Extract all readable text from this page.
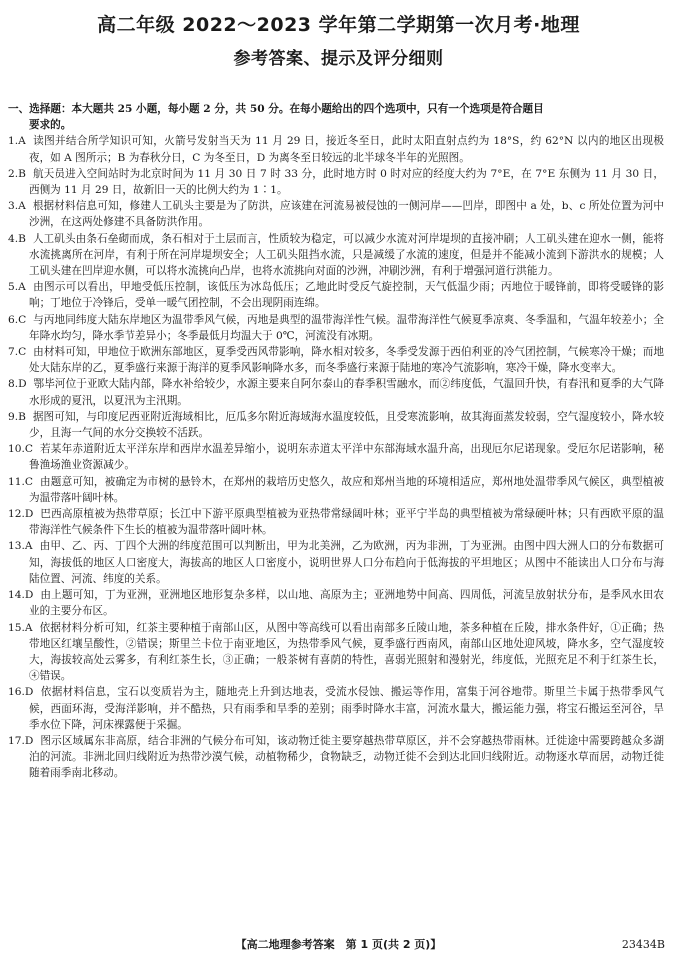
高二年级 2022～2023 学年第二学期第一次月考·地理
参考答案、提示及评分细则

一、选择题：本大题共 25 小题，每小题 2 分，共 50 分。在每小题给出的四个选项中，只有一个选项是符合题目
要求的。

1.A 读图并结合所学知识可知，火箭号发射当天为 11 月 29 日，接近冬至日，此时太阳直射点约为 18°S，约 62°N 以内的地区出现极夜，如 A 图所示；B 为春秋分日，C 为冬至日，D 为离冬至日较远的北半球冬半年的光照图。

2.B 航天员进入空间站时为北京时间为 11 月 30 日 7 时 33 分，此时地方时 0 时对应的经度大约为 7°E，在 7°E 东侧为 11 月 30 日，西侧为 11 月 29 日，故新旧一天的比例大约为 1∶1。

3.A 根据材料信息可知，修建人工矶头主要是为了防洪，应该建在河流易被侵蚀的一侧河岸——凹岸，即图中 a 处，b、c 所处位置为河中沙洲，在这两处修建不具备防洪作用。

4.B 人工矶头由条石垒砌而成，条石相对于土层而言，性质较为稳定，可以减少水流对河岸堤坝的直接冲刷；人工矶头建在迎水一侧，能将水流挑离所在河岸，有利于所在河岸堤坝安全；人工矶头阻挡水流，只是减缓了水流的速度，但是并不能减小流到下游洪水的规模；人工矶头建在凹岸迎水侧，可以将水流挑向凸岸，也将水流挑向对面的沙洲，冲刷沙洲，有利于增强河道行洪能力。

5.A 由图示可以看出，甲地受低压控制，该低压为冰岛低压；乙地此时受反气旋控制，天气低温少雨；丙地位于暖锋前，即将受暖锋的影响；丁地位于冷锋后，受单一暖气团控制，不会出现阴雨连绵。

6.C 与丙地同纬度大陆东岸地区为温带季风气候，丙地是典型的温带海洋性气候。温带海洋性气候夏季凉爽、冬季温和，气温年较差小；全年降水均匀，降水季节差异小；冬季最低月均温大于 0℃，河流没有冰期。

7.C 由材料可知，甲地位于欧洲东部地区，夏季受西风带影响，降水相对较多，冬季受发源于西伯利亚的冷气团控制，气候寒冷干燥；而地处大陆东岸的乙，夏季盛行来源于海洋的夏季风影响降水多，而冬季盛行来源于陆地的寒冷气流影响，寒冷干燥，降水变率大。

8.D 鄂毕河位于亚欧大陆内部，降水补给较少，水源主要来自阿尔泰山的春季积雪融水，而②纬度低，气温回升快，有春汛和夏季的大气降水形成的夏汛，以夏汛为主汛期。

9.B 据图可知，与印度尼西亚附近海域相比，厄瓜多尔附近海域海水温度较低，且受寒流影响，故其海面蒸发较弱，空气湿度较小，降水较少，且海一气间的水分交换较不活跃。

10.C 若某年赤道附近太平洋东岸和西岸水温差异缩小，说明东赤道太平洋中东部海域水温升高，出现厄尔尼诺现象。受厄尔尼诺影响，秘鲁渔场渔业资源减少。

11.C 由题意可知，被确定为市树的悬铃木，在郑州的栽培历史悠久，故应和郑州当地的环境相适应，郑州地处温带季风气候区，典型植被为温带落叶阔叶林。

12.D 巴西高原植被为热带草原；长江中下游平原典型植被为亚热带常绿阔叶林；亚平宁半岛的典型植被为常绿硬叶林；只有西欧平原的温带海洋性气候条件下生长的植被为温带落叶阔叶林。

13.A 由甲、乙、丙、丁四个大洲的纬度范围可以判断出，甲为北美洲，乙为欧洲，丙为非洲，丁为亚洲。由图中四大洲人口的分布数据可知，海拔低的地区人口密度大，海拔高的地区人口密度小，说明世界人口分布趋向于低海拔的平坦地区；从图中不能读出人口分布与海陆位置、河流、纬度的关系。

14.D 由上题可知，丁为亚洲，亚洲地区地形复杂多样，以山地、高原为主；亚洲地势中间高、四周低，河流呈放射状分布，是季风水田农业的主要分布区。

15.A 依据材料分析可知，红茶主要种植于南部山区，从图中等高线可以看出南部多丘陵山地，茶多种植在丘陵，排水条件好，①正确；热带地区红壤呈酸性，②错误；斯里兰卡位于南亚地区，为热带季风气候，夏季盛行西南风，南部山区地处迎风坡，降水多，空气湿度较大，海拔较高处云雾多，有利红茶生长，③正确；一般茶树有喜荫的特性，喜弱光照射和漫射光，纬度低，光照充足不利于红茶生长，④错误。

16.D 依据材料信息，宝石以变质岩为主，随地壳上升到达地表，受流水侵蚀、搬运等作用，富集于河谷地带。斯里兰卡属于热带季风气候，西面环海，受海洋影响，并不酷热，只有雨季和旱季的差别；雨季时降水丰富，河流水量大，搬运能力强，将宝石搬运至河谷，旱季水位下降，河床裸露便于采掘。

17.D 图示区域属东非高原，结合非洲的气候分布可知，该动物迁徙主要穿越热带草原区，并不会穿越热带雨林。迁徙途中需要跨越众多湖泊的河流。非洲北回归线附近为热带沙漠气候，动植物稀少，食物缺乏，动物迁徙不会到达北回归线附近。动物逐水草而居，动物迁徙随着雨季南北移动。

【高二地理参考答案　第 1 页(共 2 页)】	23434B
